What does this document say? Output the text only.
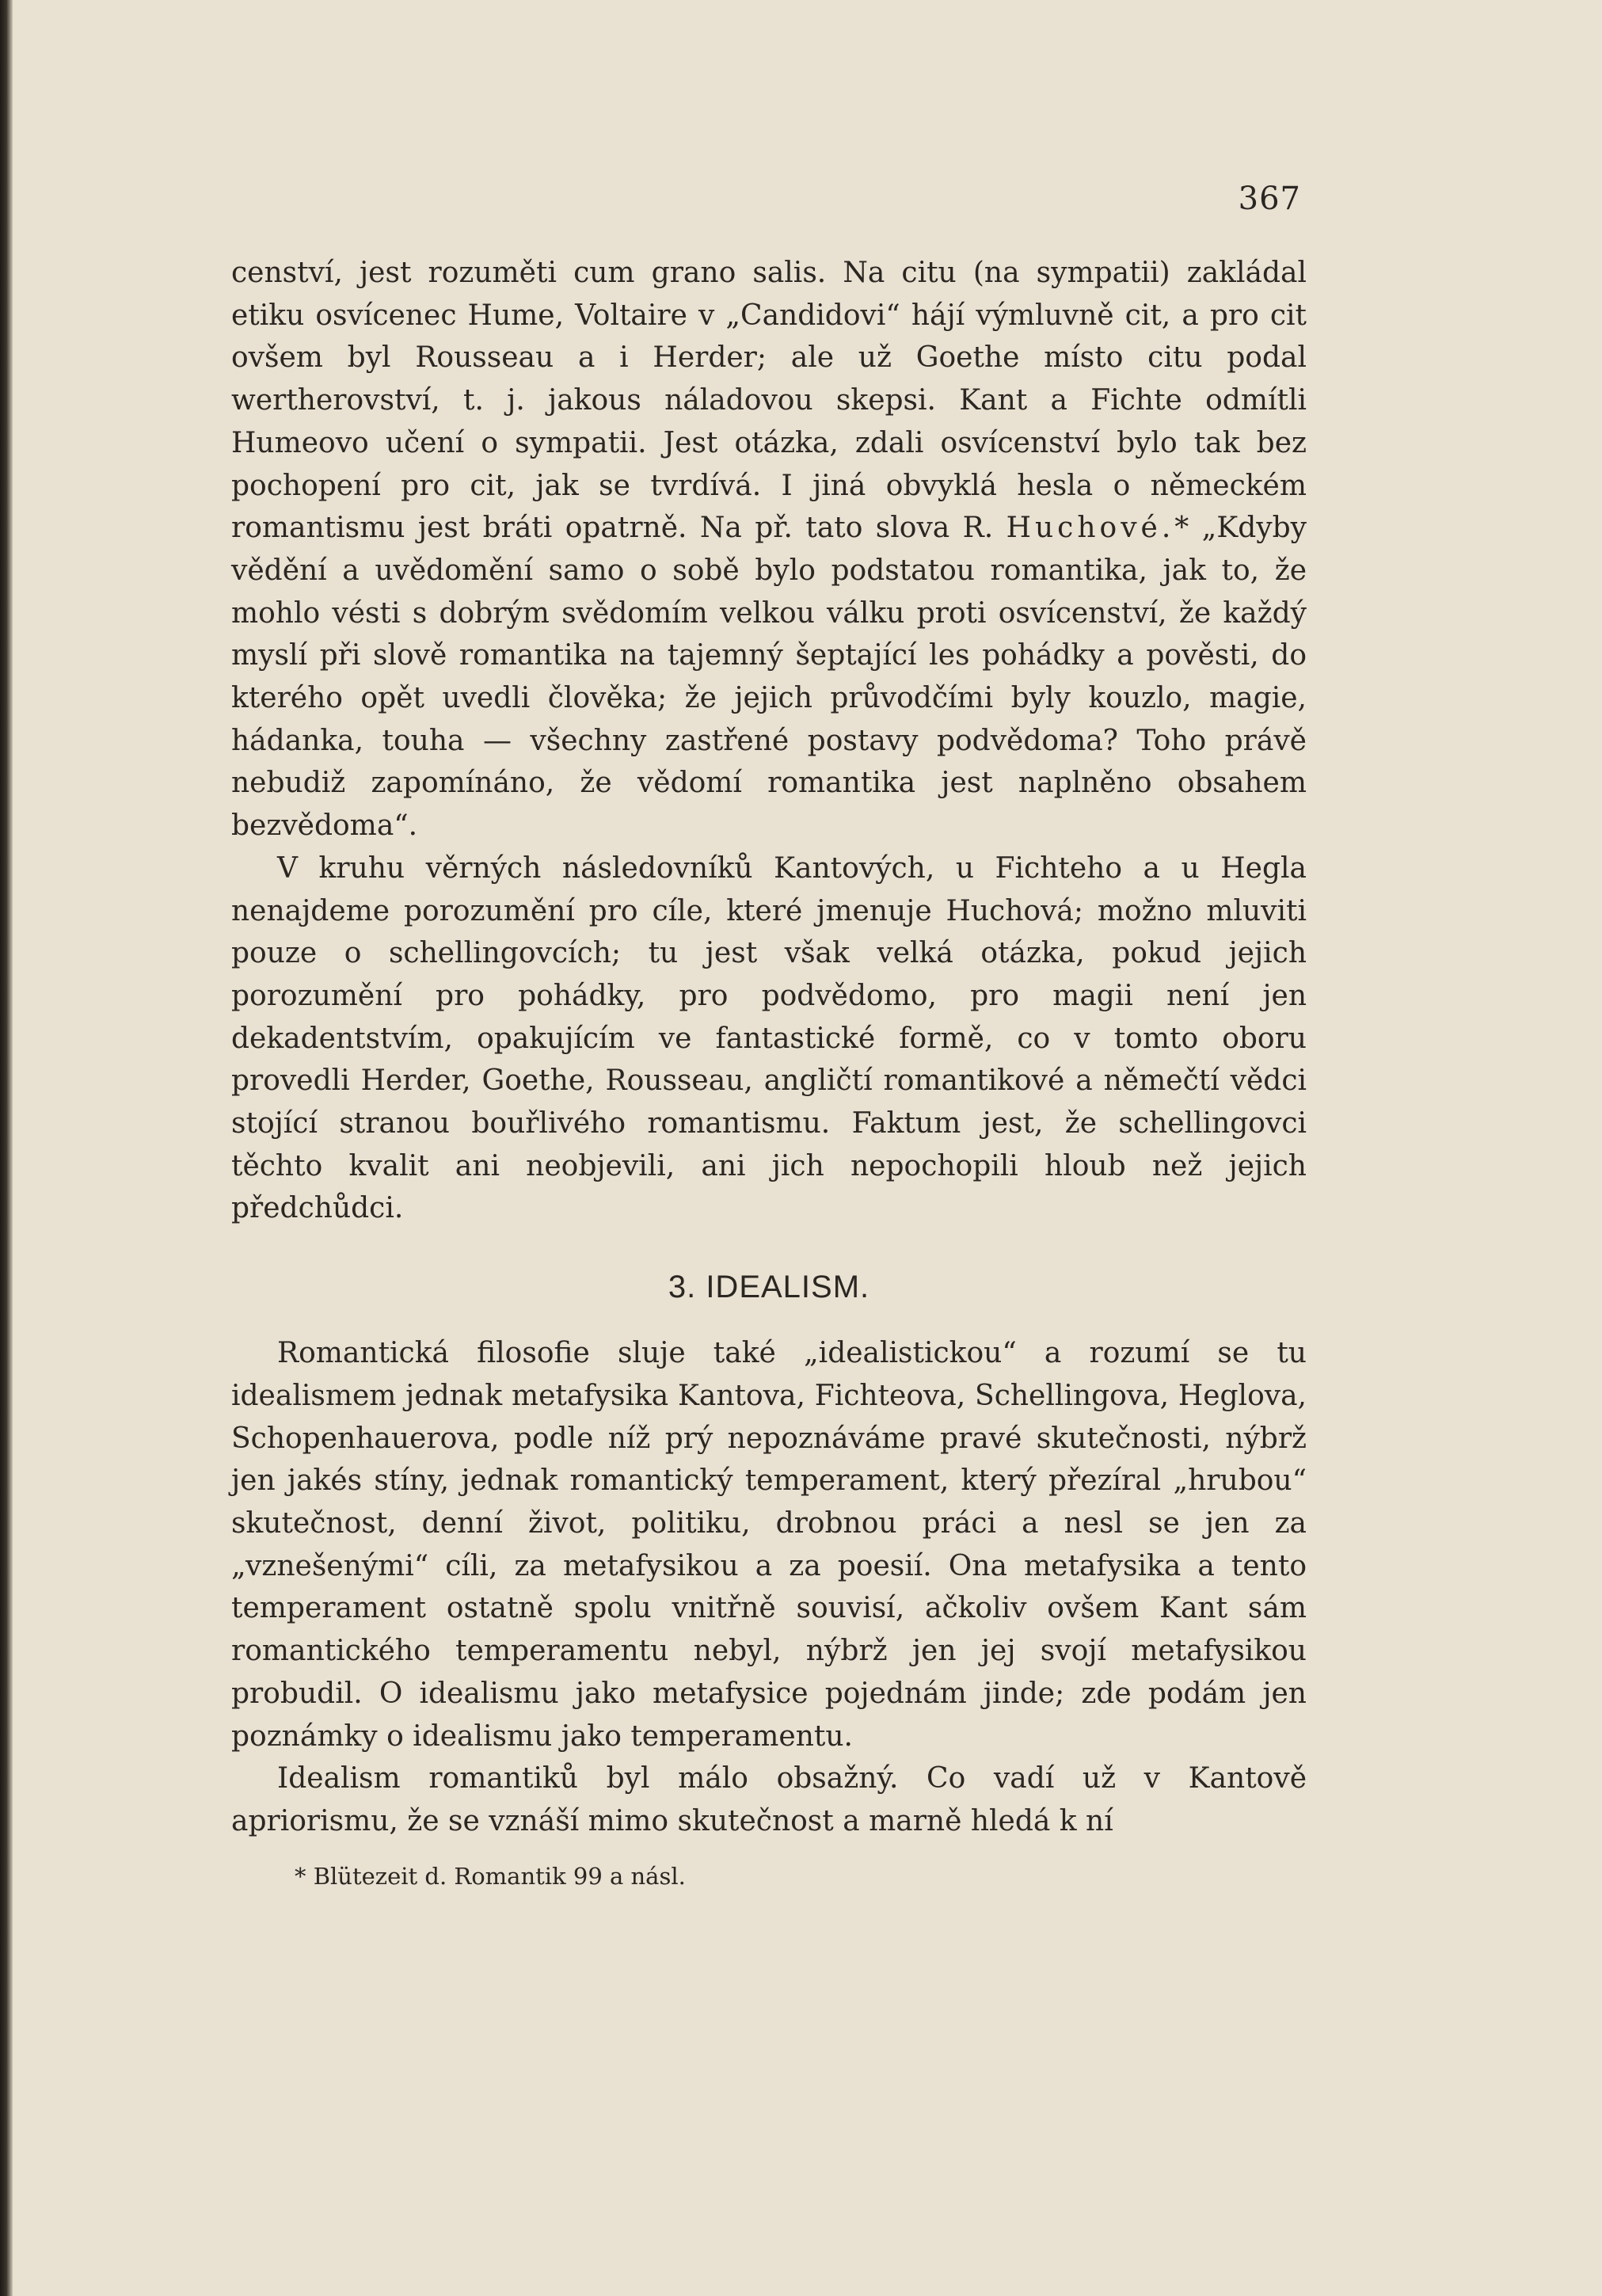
367

cenství, jest rozuměti cum grano salis. Na citu (na sympatii) zakládal etiku osvícenec Hume, Voltaire v „Candidovi“ hájí výmluvně cit, a pro cit ovšem byl Rousseau a i Herder; ale už Goethe místo citu podal wertherovství, t. j. jakous náladovou skepsi. Kant a Fichte odmítli Humeovo učení o sympatii. Jest otázka, zdali osvícenství bylo tak bez pochopení pro cit, jak se tvrdívá. I jiná obvyklá hesla o německém romantismu jest bráti opatrně. Na př. tato slova R. Huchové.* „Kdyby vědění a uvědomění samo o sobě bylo podstatou romantika, jak to, že mohlo vésti s dobrým svědomím velkou válku proti osvícenství, že každý myslí při slově romantika na tajemný šeptající les pohádky a pověsti, do kterého opět uvedli člověka; že jejich průvodčími byly kouzlo, magie, hádanka, touha — všechny zastřené postavy podvědoma? Toho právě nebudiž zapomínáno, že vědomí romantika jest naplněno obsahem bezvědoma“.

V kruhu věrných následovníků Kantových, u Fichteho a u Hegla nenajdeme porozumění pro cíle, které jmenuje Huchová; možno mluviti pouze o schellingovcích; tu jest však velká otázka, pokud jejich porozumění pro pohádky, pro podvědomo, pro magii není jen dekadentstvím, opakujícím ve fantastické formě, co v tomto oboru provedli Herder, Goethe, Rousseau, angličtí romantikové a němečtí vědci stojící stranou bouřlivého romantismu. Faktum jest, že schellingovci těchto kvalit ani neobjevili, ani jich nepochopili hloub než jejich předchůdci.

3. IDEALISM.

Romantická filosofie sluje také „idealistickou“ a rozumí se tu idealismem jednak metafysika Kantova, Fichteova, Schellingova, Heglova, Schopenhauerova, podle níž prý nepoznáváme pravé skutečnosti, nýbrž jen jakés stíny, jednak romantický temperament, který přezíral „hrubou“ skutečnost, denní život, politiku, drobnou práci a nesl se jen za „vznešenými“ cíli, za metafysikou a za poesií. Ona metafysika a tento temperament ostatně spolu vnitřně souvisí, ačkoliv ovšem Kant sám romantického temperamentu nebyl, nýbrž jen jej svojí metafysikou probudil. O idealismu jako metafysice pojednám jinde; zde podám jen poznámky o idealismu jako temperamentu.

Idealism romantiků byl málo obsažný. Co vadí už v Kantově apriorismu, že se vznáší mimo skutečnost a marně hledá k ní

* Blütezeit d. Romantik 99 a násl.
